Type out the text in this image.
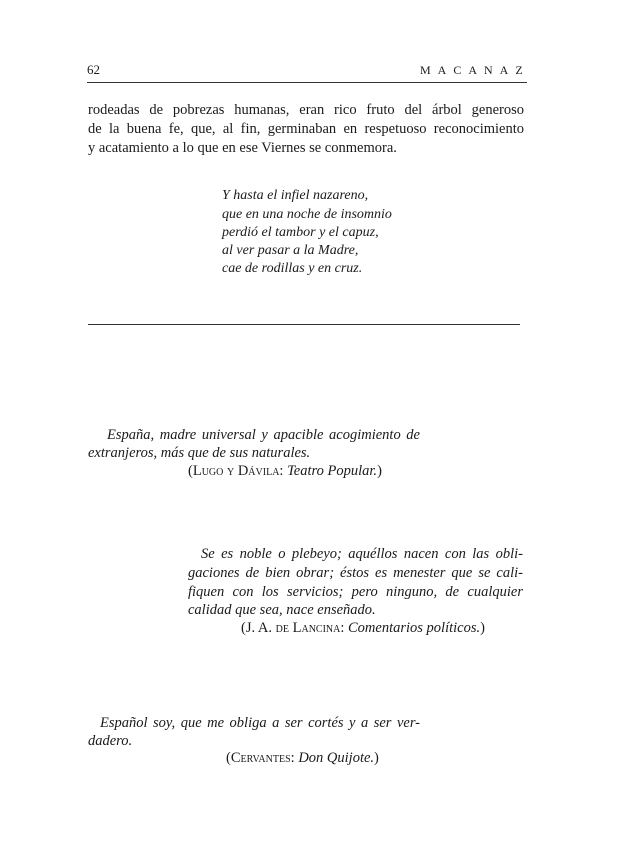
62	MACANAZ
rodeadas de pobrezas humanas, eran rico fruto del árbol generoso
de la buena fe, que, al fin, germinaban en respetuoso reconocimiento
y acatamiento a lo que en ese Viernes se conmemora.
Y hasta el infiel nazareno,
que en una noche de insomnio
perdió el tambor y el capuz,
al ver pasar a la Madre,
cae de rodillas y en cruz.
España, madre universal y apacible acogimiento de
extranjeros, más que de sus naturales.
(Lugo y Dávila: Teatro Popular.)
Se es noble o plebeyo; aquéllos nacen con las obli-
gaciones de bien obrar; éstos es menester que se cali-
fiquen con los servicios; pero ninguno, de cualquier
calidad que sea, nace enseñado.
(J. A. de Lancina: Comentarios políticos.)
Español soy, que me obliga a ser cortés y a ser ver-
dadero.
(Cervantes: Don Quijote.)
